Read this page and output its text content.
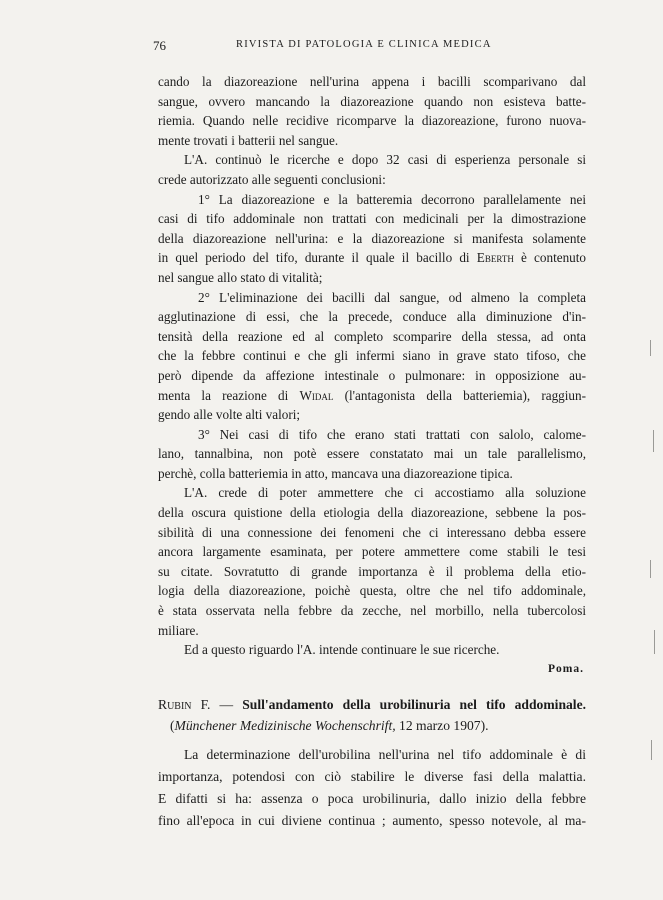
76	RIVISTA DI PATOLOGIA E CLINICA MEDICA
cando la diazoreazione nell'urina appena i bacilli scomparivano dal
sangue, ovvero mancando la diazoreazione quando non esisteva batte-
riemia. Quando nelle recidive ricomparve la diazoreazione, furono nuova-
mente trovati i batterii nel sangue.
L'A. continuò le ricerche e dopo 32 casi di esperienza personale si
crede autorizzato alle seguenti conclusioni:
1° La diazoreazione e la batteremia decorrono parallelamente nei
casi di tifo addominale non trattati con medicinali per la dimostrazione
della diazoreazione nell'urina: e la diazoreazione si manifesta solamente
in quel periodo del tifo, durante il quale il bacillo di Eberth è contenuto
nel sangue allo stato di vitalità;
2° L'eliminazione dei bacilli dal sangue, od almeno la completa
agglutinazione di essi, che la precede, conduce alla diminuzione d'in-
tensità della reazione ed al completo scomparire della stessa, ad onta
che la febbre continui e che gli infermi siano in grave stato tifoso, che
però dipende da affezione intestinale o pulmonare: in opposizione au-
menta la reazione di Widal (l'antagonista della batteriemia), raggiun-
gendo alle volte alti valori;
3° Nei casi di tifo che erano stati trattati con salolo, calome-
lano, tannalbina, non potè essere constatato mai un tale parallelismo,
perchè, colla batteriemia in atto, mancava una diazoreazione tipica.
L'A. crede di poter ammettere che ci accostiamo alla soluzione
della oscura quistione della etiologia della diazoreazione, sebbene la pos-
sibilità di una connessione dei fenomeni che ci interessano debba essere
ancora largamente esaminata, per potere ammettere come stabili le tesi
su citate. Sovratutto di grande importanza è il problema della etio-
logia della diazoreazione, poichè questa, oltre che nel tifo addominale,
è stata osservata nella febbre da zecche, nel morbillo, nella tubercolosi
miliare.
Ed a questo riguardo l'A. intende continuare le sue ricerche.
Poma.
Rubin F. — Sull'andamento della urobilinuria nel tifo addominale.
(Münchener Medizinische Wochenschrift, 12 marzo 1907).
La determinazione dell'urobilina nell'urina nel tifo addominale è di
importanza, potendosi con ciò stabilire le diverse fasi della malattia.
E difatti si ha: assenza o poca urobilinuria, dallo inizio della febbre
fino all'epoca in cui diviene continua ; aumento, spesso notevole, al ma-
